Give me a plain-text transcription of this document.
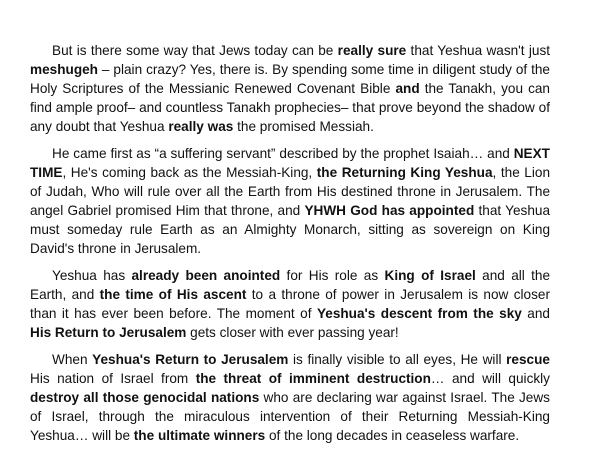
But is there some way that Jews today can be really sure that Yeshua wasn't just meshugeh – plain crazy? Yes, there is. By spending some time in diligent study of the Holy Scriptures of the Messianic Renewed Covenant Bible and the Tanakh, you can find ample proof– and countless Tanakh prophecies– that prove beyond the shadow of any doubt that Yeshua really was the promised Messiah.

He came first as “a suffering servant” described by the prophet Isaiah… and NEXT TIME, He's coming back as the Messiah-King, the Returning King Yeshua, the Lion of Judah, Who will rule over all the Earth from His destined throne in Jerusalem. The angel Gabriel promised Him that throne, and YHWH God has appointed that Yeshua must someday rule Earth as an Almighty Monarch, sitting as sovereign on King David's throne in Jerusalem.

Yeshua has already been anointed for His role as King of Israel and all the Earth, and the time of His ascent to a throne of power in Jerusalem is now closer than it has ever been before. The moment of Yeshua's descent from the sky and His Return to Jerusalem gets closer with ever passing year!

When Yeshua's Return to Jerusalem is finally visible to all eyes, He will rescue His nation of Israel from the threat of imminent destruction… and will quickly destroy all those genocidal nations who are declaring war against Israel. The Jews of Israel, through the miraculous intervention of their Returning Messiah-King Yeshua… will be the ultimate winners of the long decades in ceaseless warfare.
